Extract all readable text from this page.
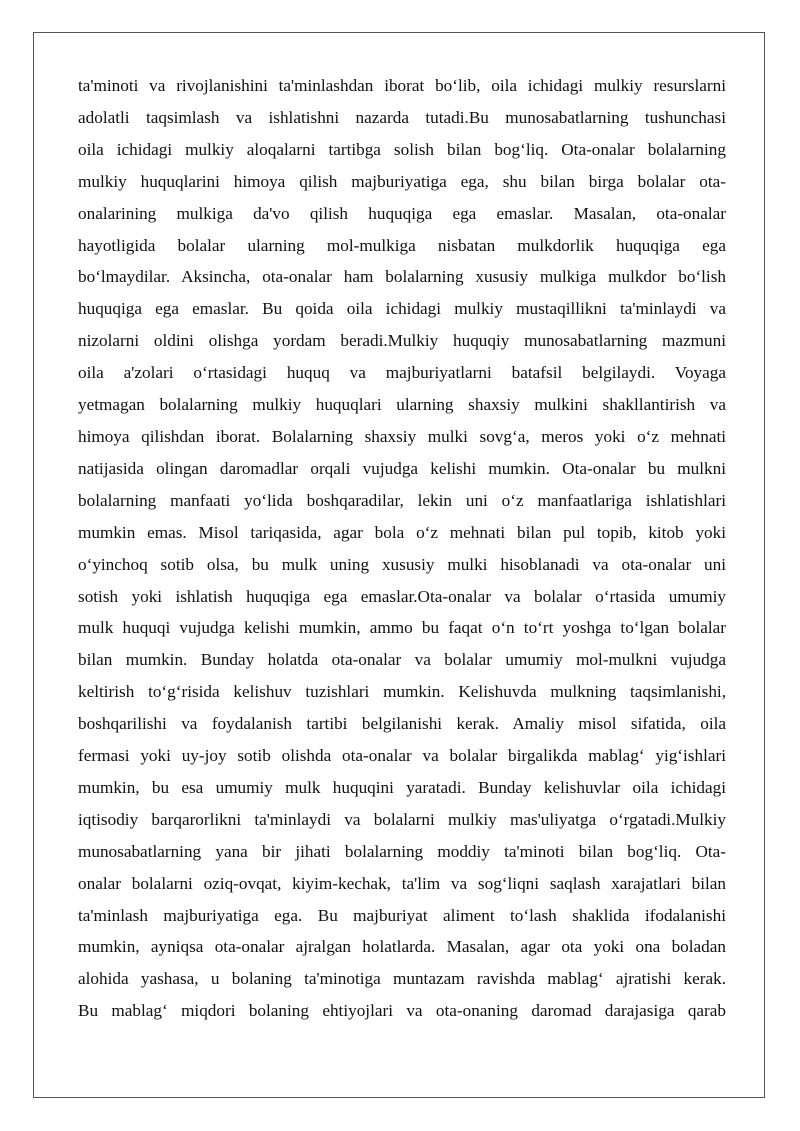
ta'minoti va rivojlanishini ta'minlashdan iborat bo‘lib, oila ichidagi mulkiy resurslarni
adolatli taqsimlash va ishlatishni nazarda tutadi.Bu munosabatlarning tushunchasi
oila ichidagi mulkiy aloqalarni tartibga solish bilan bog‘liq. Ota-onalar bolalarning
mulkiy huquqlarini himoya qilish majburiyatiga ega, shu bilan birga bolalar ota-
onalarining mulkiga da'vo qilish huquqiga ega emaslar. Masalan, ota-onalar
hayotligida bolalar ularning mol-mulkiga nisbatan mulkdorlik huquqiga ega
bo‘lmaydilar. Aksincha, ota-onalar ham bolalarning xususiy mulkiga mulkdor bo‘lish
huquqiga ega emaslar. Bu qoida oila ichidagi mulkiy mustaqillikni ta'minlaydi va
nizolarni oldini olishga yordam beradi.Mulkiy huquqiy munosabatlarning mazmuni
oila a'zolari o‘rtasidagi huquq va majburiyatlarni batafsil belgilaydi. Voyaga
yetmagan bolalarning mulkiy huquqlari ularning shaxsiy mulkini shakllantirish va
himoya qilishdan iborat. Bolalarning shaxsiy mulki sovg‘a, meros yoki o‘z mehnati
natijasida olingan daromadlar orqali vujudga kelishi mumkin. Ota-onalar bu mulkni
bolalarning manfaati yo‘lida boshqaradilar, lekin uni o‘z manfaatlariga ishlatishlari
mumkin emas. Misol tariqasida, agar bola o‘z mehnati bilan pul topib, kitob yoki
o‘yinchoq sotib olsa, bu mulk uning xususiy mulki hisoblanadi va ota-onalar uni
sotish yoki ishlatish huquqiga ega emaslar.Ota-onalar va bolalar o‘rtasida umumiy
mulk huquqi vujudga kelishi mumkin, ammo bu faqat o‘n to‘rt yoshga to‘lgan bolalar
bilan mumkin. Bunday holatda ota-onalar va bolalar umumiy mol-mulkni vujudga
keltirish to‘g‘risida kelishuv tuzishlari mumkin. Kelishuvda mulkning taqsimlanishi,
boshqarilishi va foydalanish tartibi belgilanishi kerak. Amaliy misol sifatida, oila
fermasi yoki uy-joy sotib olishda ota-onalar va bolalar birgalikda mablag‘ yig‘ishlari
mumkin, bu esa umumiy mulk huquqini yaratadi. Bunday kelishuvlar oila ichidagi
iqtisodiy barqarorlikni ta'minlaydi va bolalarni mulkiy mas'uliyatga o‘rgatadi.Mulkiy
munosabatlarning yana bir jihati bolalarning moddiy ta'minoti bilan bog‘liq. Ota-
onalar bolalarni oziq-ovqat, kiyim-kechak, ta'lim va sog‘liqni saqlash xarajatlari bilan
ta'minlash majburiyatiga ega. Bu majburiyat aliment to‘lash shaklida ifodalanishi
mumkin, ayniqsa ota-onalar ajralgan holatlarda. Masalan, agar ota yoki ona boladan
alohida yashasa, u bolaning ta'minotiga muntazam ravishda mablag‘ ajratishi kerak.
Bu mablag‘ miqdori bolaning ehtiyojlari va ota-onaning daromad darajasiga qarab
